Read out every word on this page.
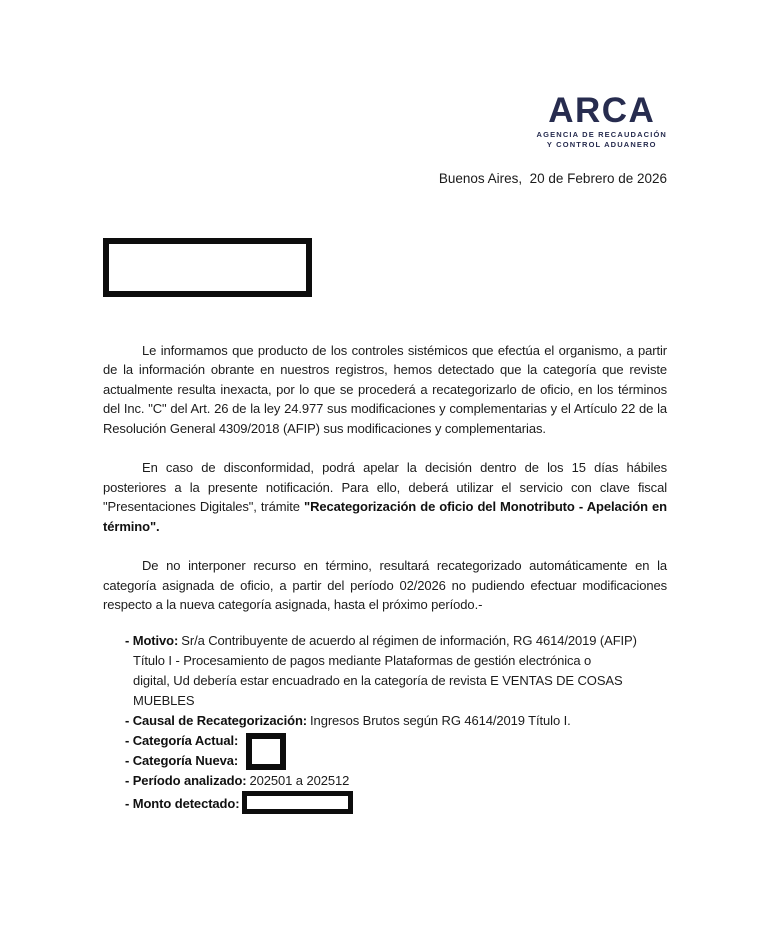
ARCA
AGENCIA DE RECAUDACIÓN
Y CONTROL ADUANERO
Buenos Aires,  20 de Febrero de 2026

Le informamos que producto de los controles sistémicos que efectúa el organismo, a partir de la información obrante en nuestros registros, hemos detectado que la categoría que reviste actualmente resulta inexacta, por lo que se procederá a recategorizarlo de oficio, en los términos del Inc. "C" del Art. 26 de la ley 24.977 sus modificaciones y complementarias y el Artículo 22 de la Resolución General 4309/2018 (AFIP) sus modificaciones y complementarias.

En caso de disconformidad, podrá apelar la decisión dentro de los 15 días hábiles posteriores a la presente notificación. Para ello, deberá utilizar el servicio con clave fiscal "Presentaciones Digitales", trámite "Recategorización de oficio del Monotributo - Apelación en término".

De no interponer recurso en término, resultará recategorizado automáticamente en la categoría asignada de oficio, a partir del período 02/2026 no pudiendo efectuar modificaciones respecto a la nueva categoría asignada, hasta el próximo período.-

- Motivo: Sr/a Contribuyente de acuerdo al régimen de información, RG 4614/2019 (AFIP)
Título I - Procesamiento de pagos mediante Plataformas de gestión electrónica o
digital, Ud debería estar encuadrado en la categoría de revista E VENTAS DE COSAS
MUEBLES
- Causal de Recategorización: Ingresos Brutos según RG 4614/2019 Título I.
- Categoría Actual:
- Categoría Nueva:
- Período analizado: 202501 a 202512
- Monto detectado:
